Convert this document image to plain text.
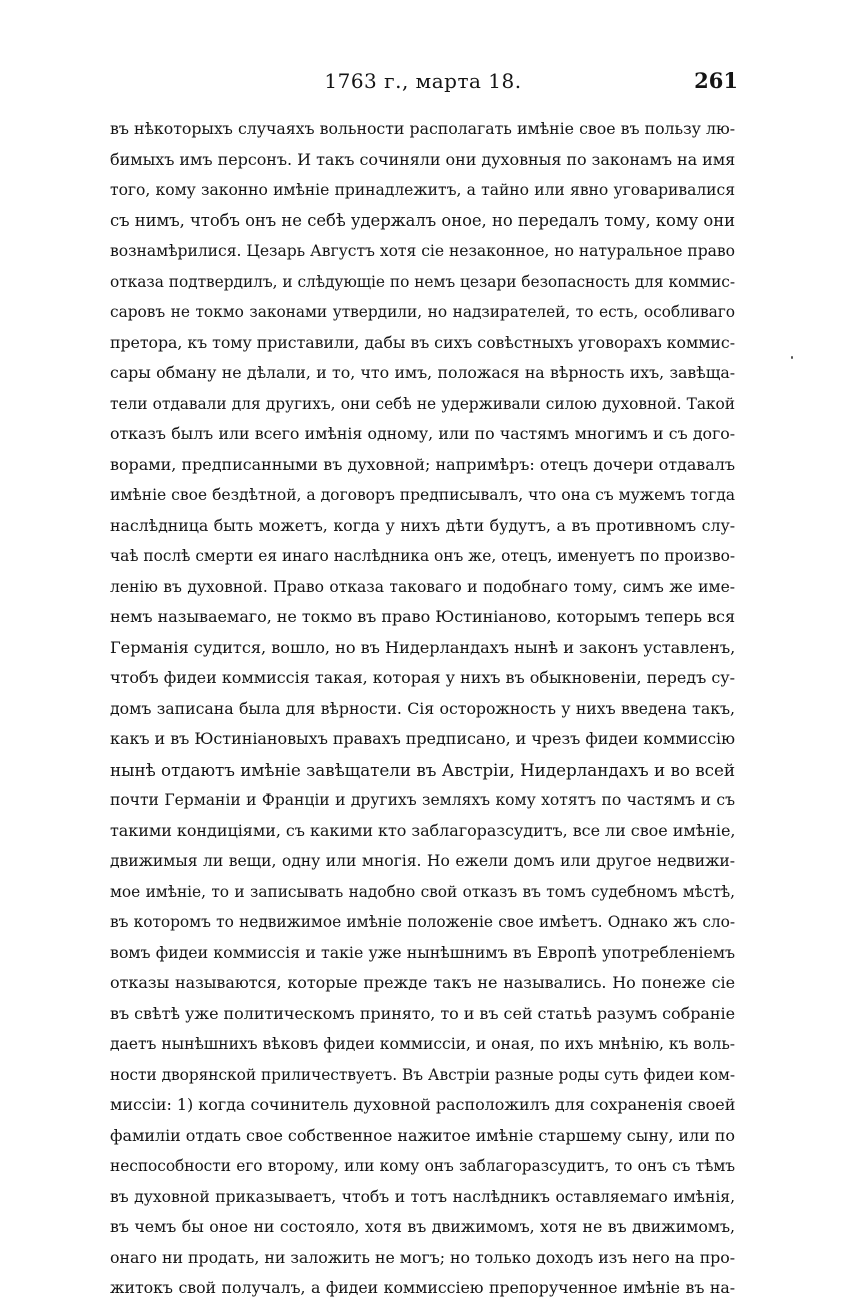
1763 г., марта 18.	261
въ нѣкоторыхъ случаяхъ вольности располагать имѣніе свое въ пользу лю-
бимыхъ имъ персонъ. И такъ сочиняли они духовныя по законамъ на имя
того, кому законно имѣніе принадлежитъ, а тайно или явно уговаривалися
съ нимъ, чтобъ онъ не себѣ удержалъ оное, но передалъ тому, кому они
вознамѣрилися. Цезарь Августъ хотя сіе незаконное, но натуральное право
отказа подтвердилъ, и слѣдующіе по немъ цезари безопасность для коммис-
саровъ не токмо законами утвердили, но надзирателей, то есть, особливаго
претора, къ тому приставили, дабы въ сихъ совѣстныхъ уговорахъ коммис-
сары обману не дѣлали, и то, что имъ, положася на вѣрность ихъ, завѣща-
тели отдавали для другихъ, они себѣ не удерживали силою духовной. Такой
отказъ былъ или всего имѣнія одному, или по частямъ многимъ и съ дого-
ворами, предписанными въ духовной; напримѣръ: отецъ дочери отдавалъ
имѣніе свое бездѣтной, а договоръ предписывалъ, что она съ мужемъ тогда
наслѣдница быть можетъ, когда у нихъ дѣти будутъ, а въ противномъ слу-
чаѣ послѣ смерти ея инаго наслѣдника онъ же, отецъ, именуетъ по произво-
ленію въ духовной. Право отказа таковаго и подобнаго тому, симъ же име-
немъ называемаго, не токмо въ право Юстиніаново, которымъ теперь вся
Германія судится, вошло, но въ Нидерландахъ нынѣ и законъ уставленъ,
чтобъ фидеи коммиссія такая, которая у нихъ въ обыкновеніи, передъ су-
домъ записана была для вѣрности. Сія осторожность у нихъ введена такъ,
какъ и въ Юстиніановыхъ правахъ предписано, и чрезъ фидеи коммиссію
нынѣ отдаютъ имѣніе завѣщатели въ Австріи, Нидерландахъ и во всей
почти Германіи и Франціи и другихъ земляхъ кому хотятъ по частямъ и съ
такими кондиціями, съ какими кто заблагоразсудитъ, все ли свое имѣніе,
движимыя ли вещи, одну или многія. Но ежели домъ или другое недвижи-
мое имѣніе, то и записывать надобно свой отказъ въ томъ судебномъ мѣстѣ,
въ которомъ то недвижимое имѣніе положеніе свое имѣетъ. Однако жъ сло-
вомъ фидеи коммиссія и такіе уже нынѣшнимъ въ Европѣ употребленіемъ
отказы называются, которые прежде такъ не назывались. Но понеже сіе
въ свѣтѣ уже политическомъ принято, то и въ сей статьѣ разумъ собраніе
даетъ нынѣшнихъ вѣковъ фидеи коммиссіи, и оная, по ихъ мнѣнію, къ воль-
ности дворянской приличествуетъ. Въ Австріи разные роды суть фидеи ком-
миссіи: 1) когда сочинитель духовной расположилъ для сохраненія своей
фамиліи отдать свое собственное нажитое имѣніе старшему сыну, или по
неспособности его второму, или кому онъ заблагоразсудитъ, то онъ съ тѣмъ
въ духовной приказываетъ, чтобъ и тотъ наслѣдникъ оставляемаго имѣнія,
въ чемъ бы оное ни состояло, хотя въ движимомъ, хотя не въ движимомъ,
онаго ни продать, ни заложить не могъ; но только доходъ изъ него на про-
житокъ свой получалъ, а фидеи коммиссіею препорученное имѣніе въ на-
